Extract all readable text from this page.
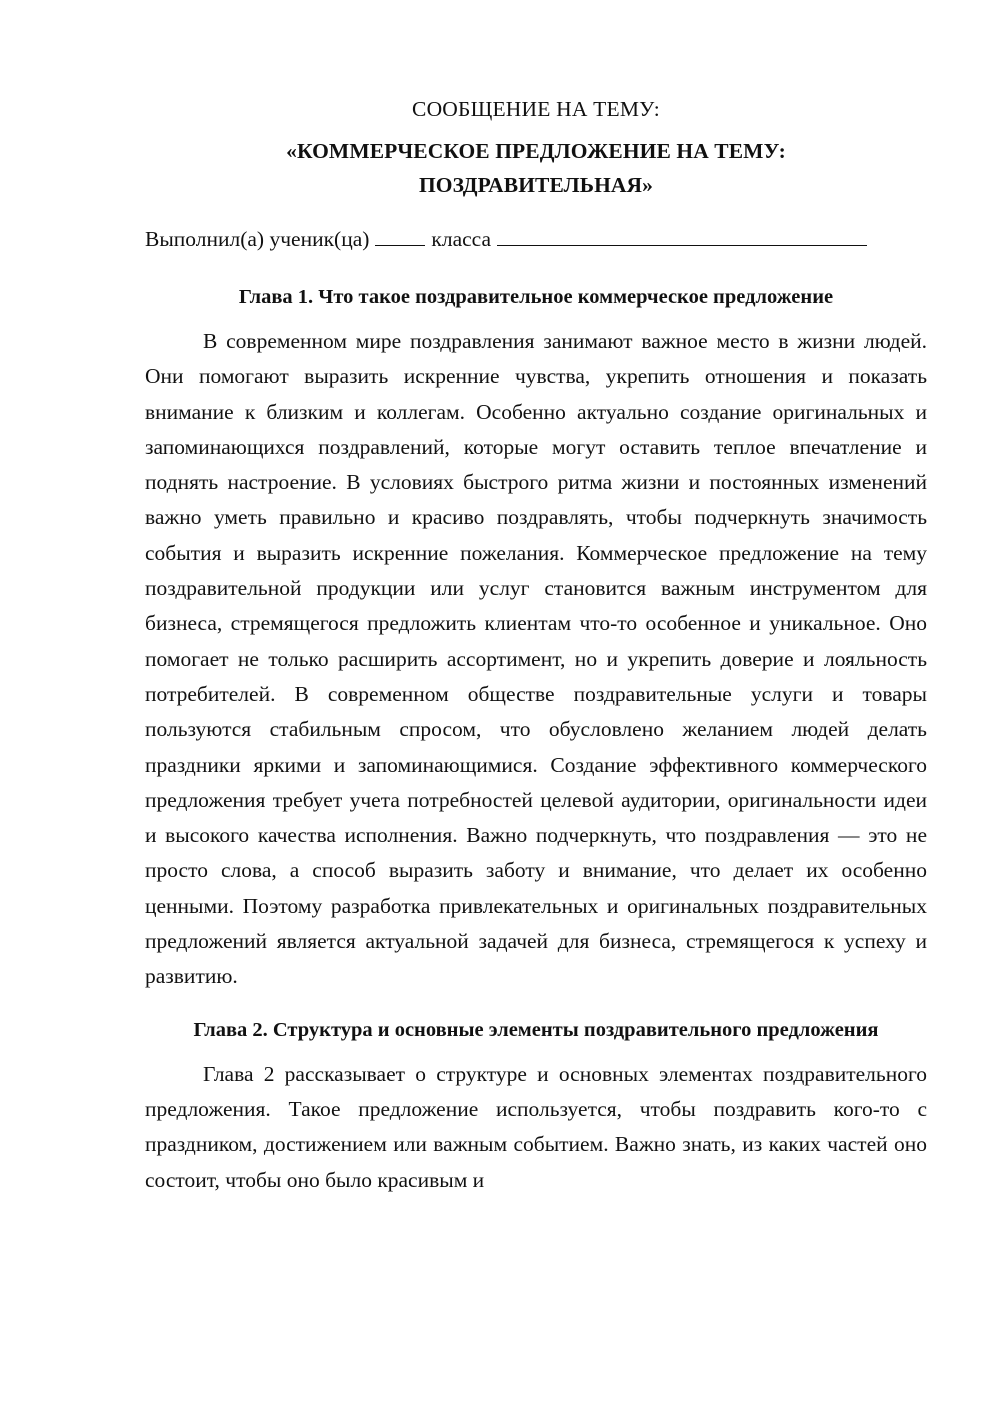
СООБЩЕНИЕ НА ТЕМУ:
«КОММЕРЧЕСКОЕ ПРЕДЛОЖЕНИЕ НА ТЕМУ:
ПОЗДРАВИТЕЛЬНАЯ»
Выполнил(а) ученик(ца)	класса
Глава 1. Что такое поздравительное коммерческое предложение

В современном мире поздравления занимают важное место в жизни людей. Они помогают выразить искренние чувства, укрепить отношения и показать внимание к близким и коллегам. Особенно актуально создание оригинальных и запоминающихся поздравлений, которые могут оставить теплое впечатление и поднять настроение. В условиях быстрого ритма жизни и постоянных изменений важно уметь правильно и красиво поздравлять, чтобы подчеркнуть значимость события и выразить искренние пожелания. Коммерческое предложение на тему поздравительной продукции или услуг становится важным инструментом для бизнеса, стремящегося предложить клиентам что-то особенное и уникальное. Оно помогает не только расширить ассортимент, но и укрепить доверие и лояльность потребителей. В современном обществе поздравительные услуги и товары пользуются стабильным спросом, что обусловлено желанием людей делать праздники яркими и запоминающимися. Создание эффективного коммерческого предложения требует учета потребностей целевой аудитории, оригинальности идеи и высокого качества исполнения. Важно подчеркнуть, что поздравления — это не просто слова, а способ выразить заботу и внимание, что делает их особенно ценными. Поэтому разработка привлекательных и оригинальных поздравительных предложений является актуальной задачей для бизнеса, стремящегося к успеху и развитию.

Глава 2. Структура и основные элементы поздравительного предложения

Глава 2 рассказывает о структуре и основных элементах поздравительного предложения. Такое предложение используется, чтобы поздравить кого-то с праздником, достижением или важным событием. Важно знать, из каких частей оно состоит, чтобы оно было красивым и
